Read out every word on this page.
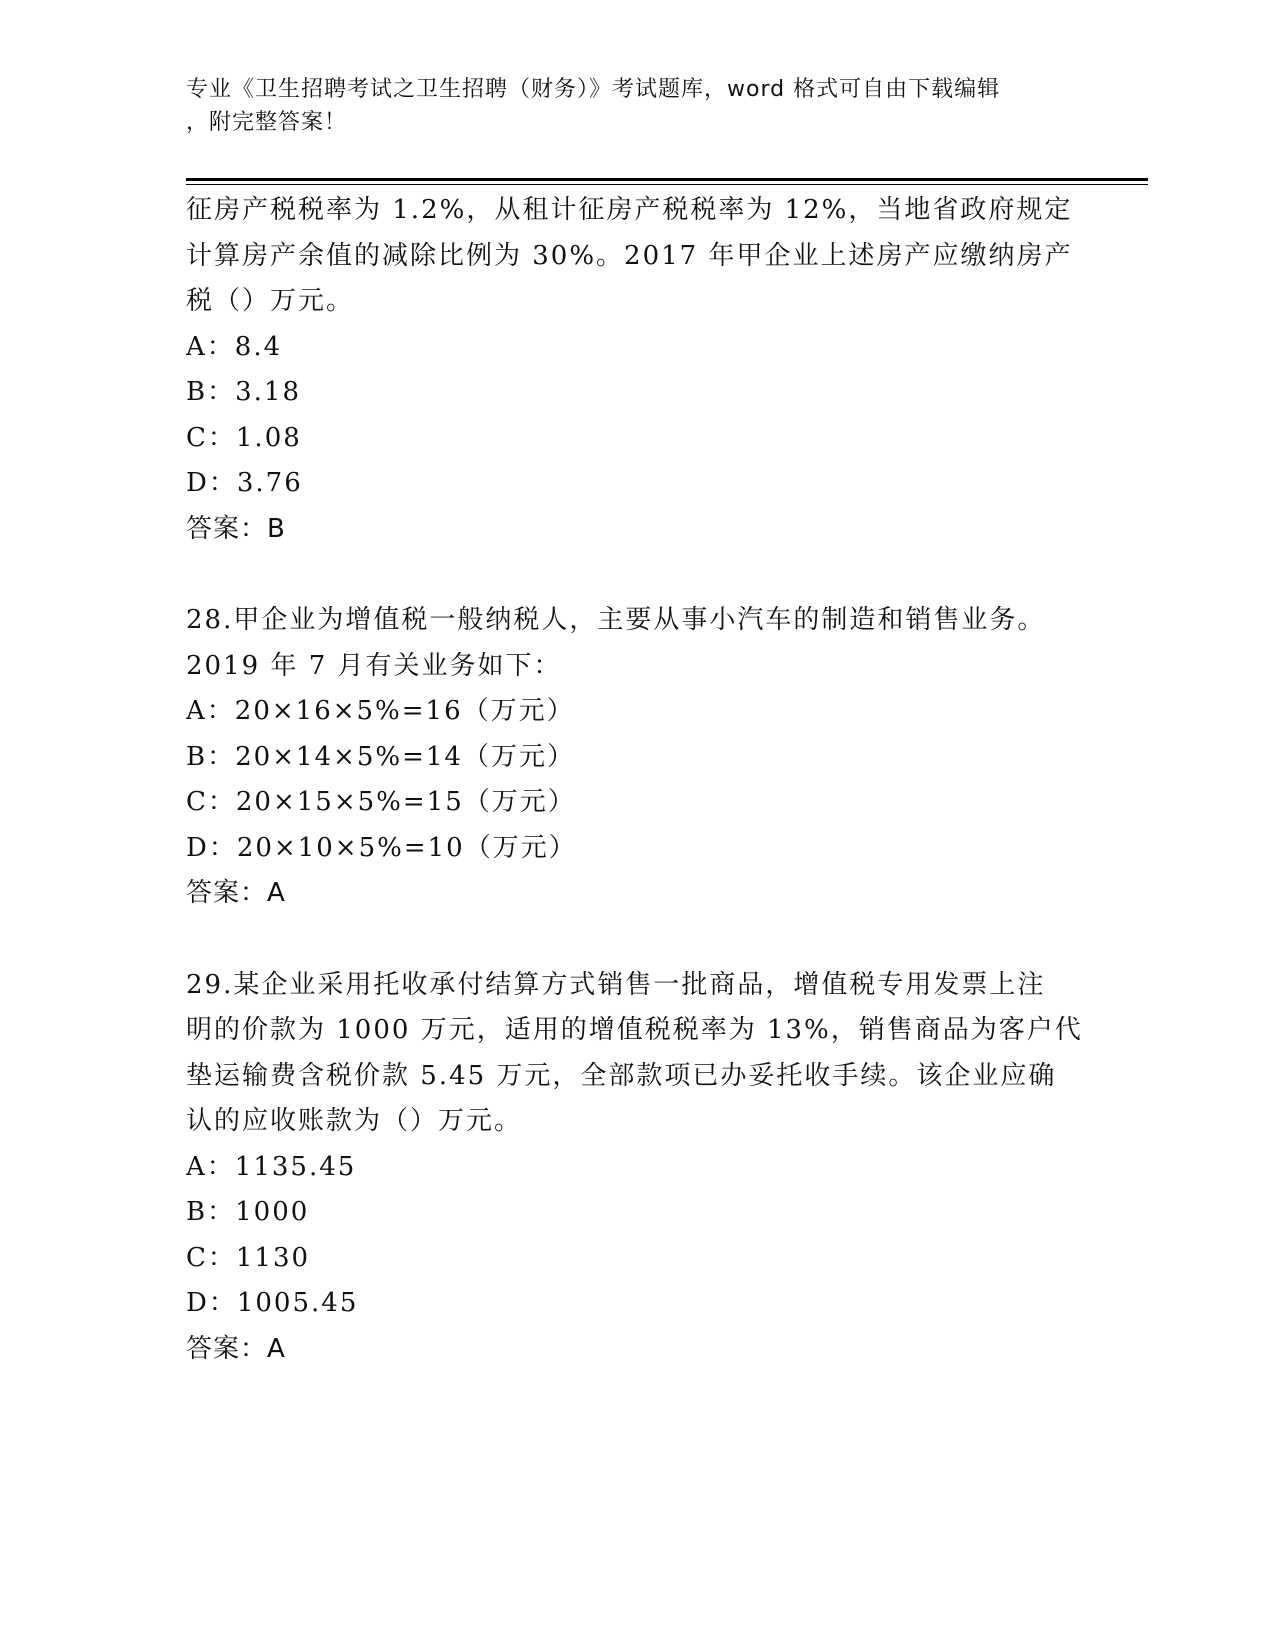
专业《卫生招聘考试之卫生招聘（财务）》考试题库，word 格式可自由下载编辑
，附完整答案！
征房产税税率为 1.2%，从租计征房产税税率为 12%，当地省政府规定
计算房产余值的减除比例为 30%。2017 年甲企业上述房产应缴纳房产
税（）万元。
A：8.4
B：3.18
C：1.08
D：3.76
答案：B
28.甲企业为增值税一般纳税人，主要从事小汽车的制造和销售业务。
2019 年 7 月有关业务如下：
A：20×16×5%=16（万元）
B：20×14×5%=14（万元）
C：20×15×5%=15（万元）
D：20×10×5%=10（万元）
答案：A
29.某企业采用托收承付结算方式销售一批商品，增值税专用发票上注
明的价款为 1000 万元，适用的增值税税率为 13%，销售商品为客户代
垫运输费含税价款 5.45 万元，全部款项已办妥托收手续。该企业应确
认的应收账款为（）万元。
A：1135.45
B：1000
C：1130
D：1005.45
答案：A
